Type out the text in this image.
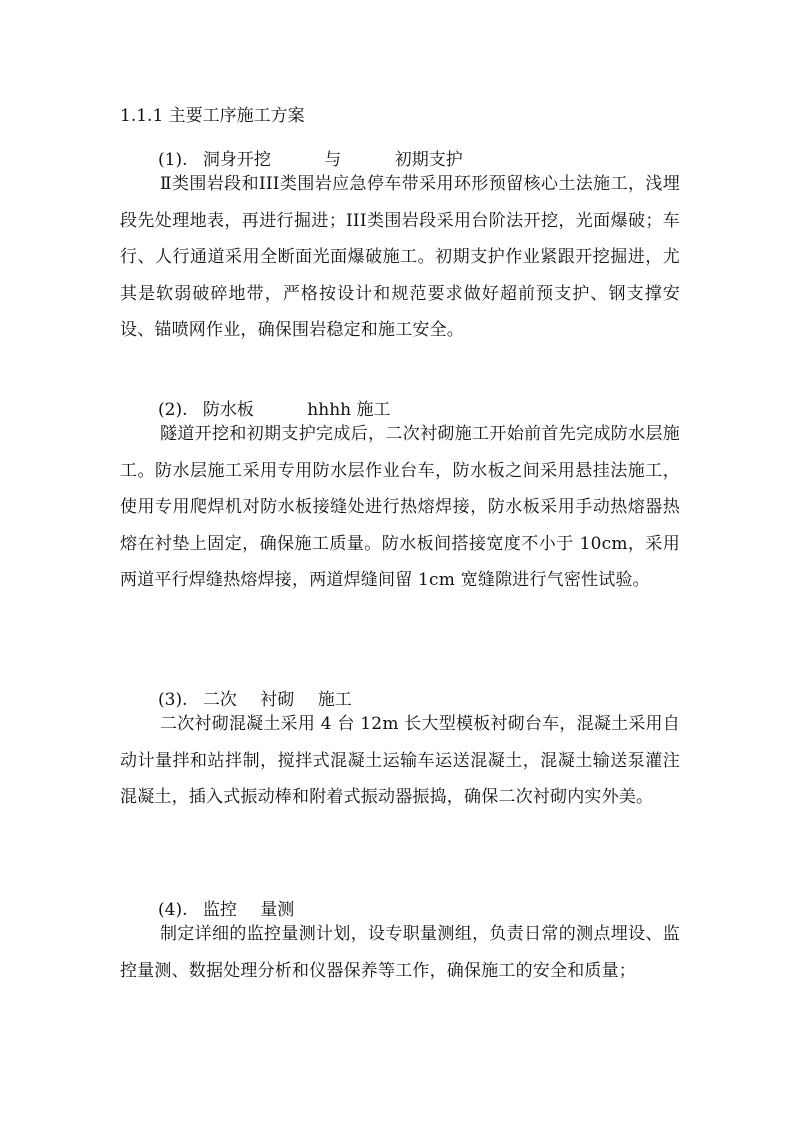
1.1.1 主要工序施工方案
(1). 洞身开挖	与	初期支护

Ⅱ类围岩段和III类围岩应急停车带采用环形预留核心土法施工，浅埋段先处理地表，再进行掘进；III类围岩段采用台阶法开挖，光面爆破；车行、人行通道采用全断面光面爆破施工。初期支护作业紧跟开挖掘进，尤其是软弱破碎地带，严格按设计和规范要求做好超前预支护、钢支撑安设、锚喷网作业，确保围岩稳定和施工安全。

(2). 防水板	hhhh 施工

隧道开挖和初期支护完成后，二次衬砌施工开始前首先完成防水层施工。防水层施工采用专用防水层作业台车，防水板之间采用悬挂法施工，使用专用爬焊机对防水板接缝处进行热熔焊接，防水板采用手动热熔器热熔在衬垫上固定，确保施工质量。防水板间搭接宽度不小于 10cm，采用两道平行焊缝热熔焊接，两道焊缝间留 1cm 宽缝隙进行气密性试验。

(3). 二次 衬砌 施工

二次衬砌混凝土采用 4 台 12m 长大型模板衬砌台车，混凝土采用自动计量拌和站拌制，搅拌式混凝土运输车运送混凝土，混凝土输送泵灌注混凝土，插入式振动棒和附着式振动器振捣，确保二次衬砌内实外美。

(4). 监控 量测

制定详细的监控量测计划，设专职量测组，负责日常的测点埋设、监控量测、数据处理分析和仪器保养等工作，确保施工的安全和质量；
